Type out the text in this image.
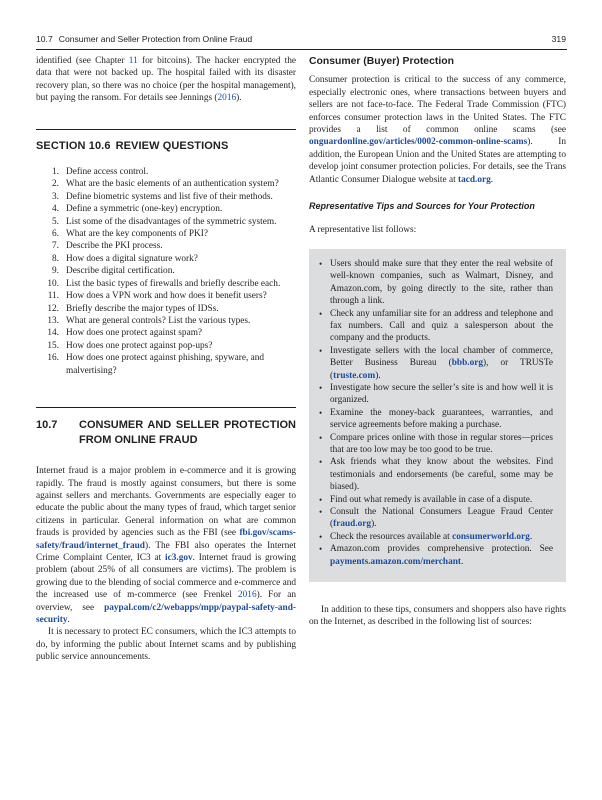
10.7 Consumer and Seller Protection from Online Fraud	319

identified (see Chapter 11 for bitcoins). The hacker encrypted the data that were not backed up. The hospital failed with its disaster recovery plan, so there was no choice (per the hospital management), but paying the ransom. For details see Jennings (2016).

SECTION 10.6 REVIEW QUESTIONS
1. Define access control.
2. What are the basic elements of an authentication system?
3. Define biometric systems and list five of their methods.
4. Define a symmetric (one-key) encryption.
5. List some of the disadvantages of the symmetric system.
6. What are the key components of PKI?
7. Describe the PKI process.
8. How does a digital signature work?
9. Describe digital certification.
10. List the basic types of firewalls and briefly describe each.
11. How does a VPN work and how does it benefit users?
12. Briefly describe the major types of IDSs.
13. What are general controls? List the various types.
14. How does one protect against spam?
15. How does one protect against pop-ups?
16. How does one protect against phishing, spyware, and malvertising?
10.7 CONSUMER AND SELLER PROTECTION FROM ONLINE FRAUD

Internet fraud is a major problem in e-commerce and it is growing rapidly. The fraud is mostly against consumers, but there is some against sellers and merchants. Governments are especially eager to educate the public about the many types of fraud, which target senior citizens in particular. General information on what are common frauds is provided by agencies such as the FBI (see fbi.gov/scams-safety/fraud/internet_fraud). The FBI also operates the Internet Crime Complaint Center, IC3 at ic3.gov. Internet fraud is growing problem (about 25% of all consumers are victims). The problem is growing due to the blending of social commerce and e-commerce and the increased use of m-commerce (see Frenkel 2016). For an overview, see paypal.com/c2/webapps/mpp/paypal-safety-and-security.

It is necessary to protect EC consumers, which the IC3 attempts to do, by informing the public about Internet scams and by publishing public service announcements.

Consumer (Buyer) Protection

Consumer protection is critical to the success of any commerce, especially electronic ones, where transactions between buyers and sellers are not face-to-face. The Federal Trade Commission (FTC) enforces consumer protection laws in the United States. The FTC provides a list of common online scams (see onguardonline.gov/articles/0002-common-online-scams). In addition, the European Union and the United States are attempting to develop joint consumer protection policies. For details, see the Trans Atlantic Consumer Dialogue website at tacd.org.

Representative Tips and Sources for Your Protection

A representative list follows:

• Users should make sure that they enter the real website of well-known companies, such as Walmart, Disney, and Amazon.com, by going directly to the site, rather than through a link.
• Check any unfamiliar site for an address and telephone and fax numbers. Call and quiz a salesperson about the company and the products.
• Investigate sellers with the local chamber of commerce, Better Business Bureau (bbb.org), or TRUSTe (truste.com).
• Investigate how secure the seller’s site is and how well it is organized.
• Examine the money-back guarantees, warranties, and service agreements before making a purchase.
• Compare prices online with those in regular stores—prices that are too low may be too good to be true.
• Ask friends what they know about the websites. Find testimonials and endorsements (be careful, some may be biased).
• Find out what remedy is available in case of a dispute.
• Consult the National Consumers League Fraud Center (fraud.org).
• Check the resources available at consumerworld.org.
• Amazon.com provides comprehensive protection. See payments.amazon.com/merchant.

In addition to these tips, consumers and shoppers also have rights on the Internet, as described in the following list of sources:
